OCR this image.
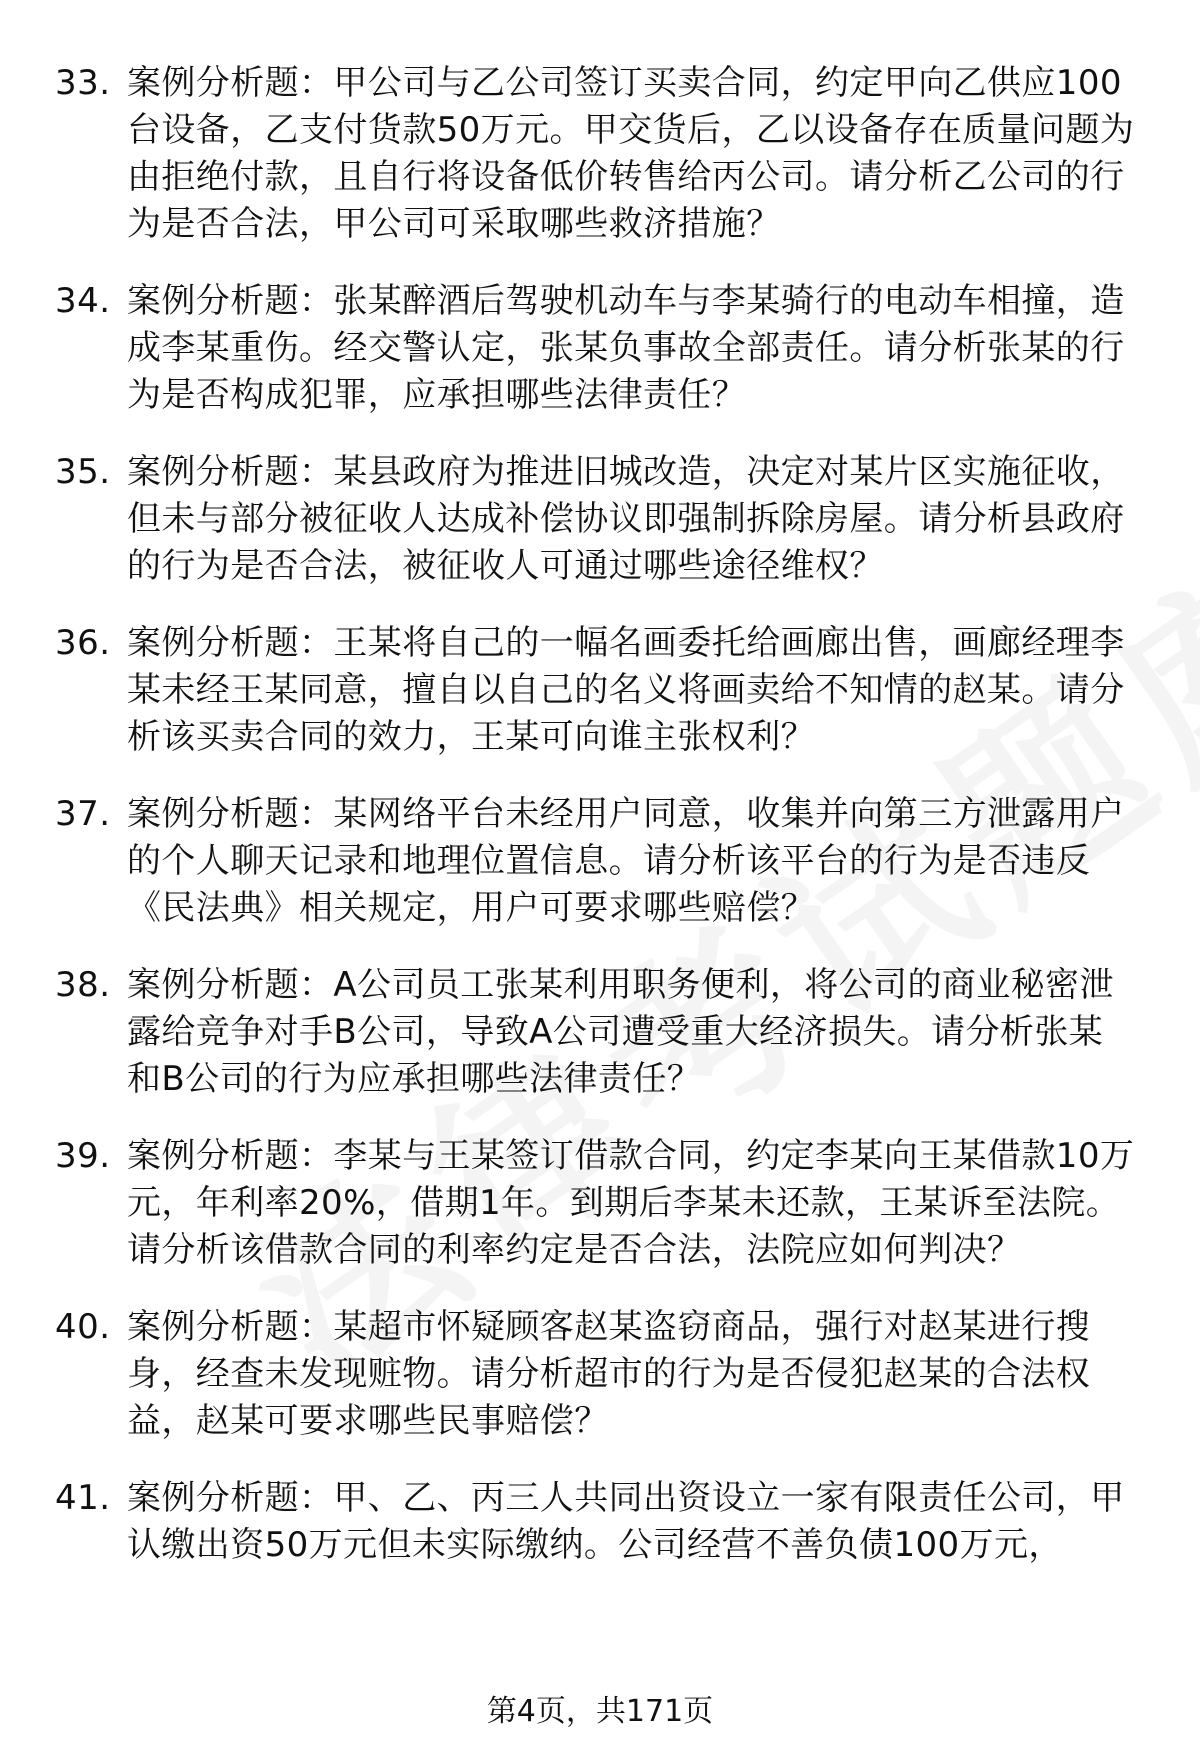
33. 案例分析题：甲公司与乙公司签订买卖合同，约定甲向乙供应100台设备，乙支付货款50万元。甲交货后，乙以设备存在质量问题为由拒绝付款，且自行将设备低价转售给丙公司。请分析乙公司的行为是否合法，甲公司可采取哪些救济措施？
34. 案例分析题：张某醉酒后驾驶机动车与李某骑行的电动车相撞，造成李某重伤。经交警认定，张某负事故全部责任。请分析张某的行为是否构成犯罪，应承担哪些法律责任？
35. 案例分析题：某县政府为推进旧城改造，决定对某片区实施征收，但未与部分被征收人达成补偿协议即强制拆除房屋。请分析县政府的行为是否合法，被征收人可通过哪些途径维权？
36. 案例分析题：王某将自己的一幅名画委托给画廊出售，画廊经理李某未经王某同意，擅自以自己的名义将画卖给不知情的赵某。请分析该买卖合同的效力，王某可向谁主张权利？
37. 案例分析题：某网络平台未经用户同意，收集并向第三方泄露用户的个人聊天记录和地理位置信息。请分析该平台的行为是否违反《民法典》相关规定，用户可要求哪些赔偿？
38. 案例分析题：A公司员工张某利用职务便利，将公司的商业秘密泄露给竞争对手B公司，导致A公司遭受重大经济损失。请分析张某和B公司的行为应承担哪些法律责任？
39. 案例分析题：李某与王某签订借款合同，约定李某向王某借款10万元，年利率20%，借期1年。到期后李某未还款，王某诉至法院。请分析该借款合同的利率约定是否合法，法院应如何判决？
40. 案例分析题：某超市怀疑顾客赵某盗窃商品，强行对赵某进行搜身，经查未发现赃物。请分析超市的行为是否侵犯赵某的合法权益，赵某可要求哪些民事赔偿？
41. 案例分析题：甲、乙、丙三人共同出资设立一家有限责任公司，甲认缴出资50万元但未实际缴纳。公司经营不善负债100万元，
第4页，共171页
